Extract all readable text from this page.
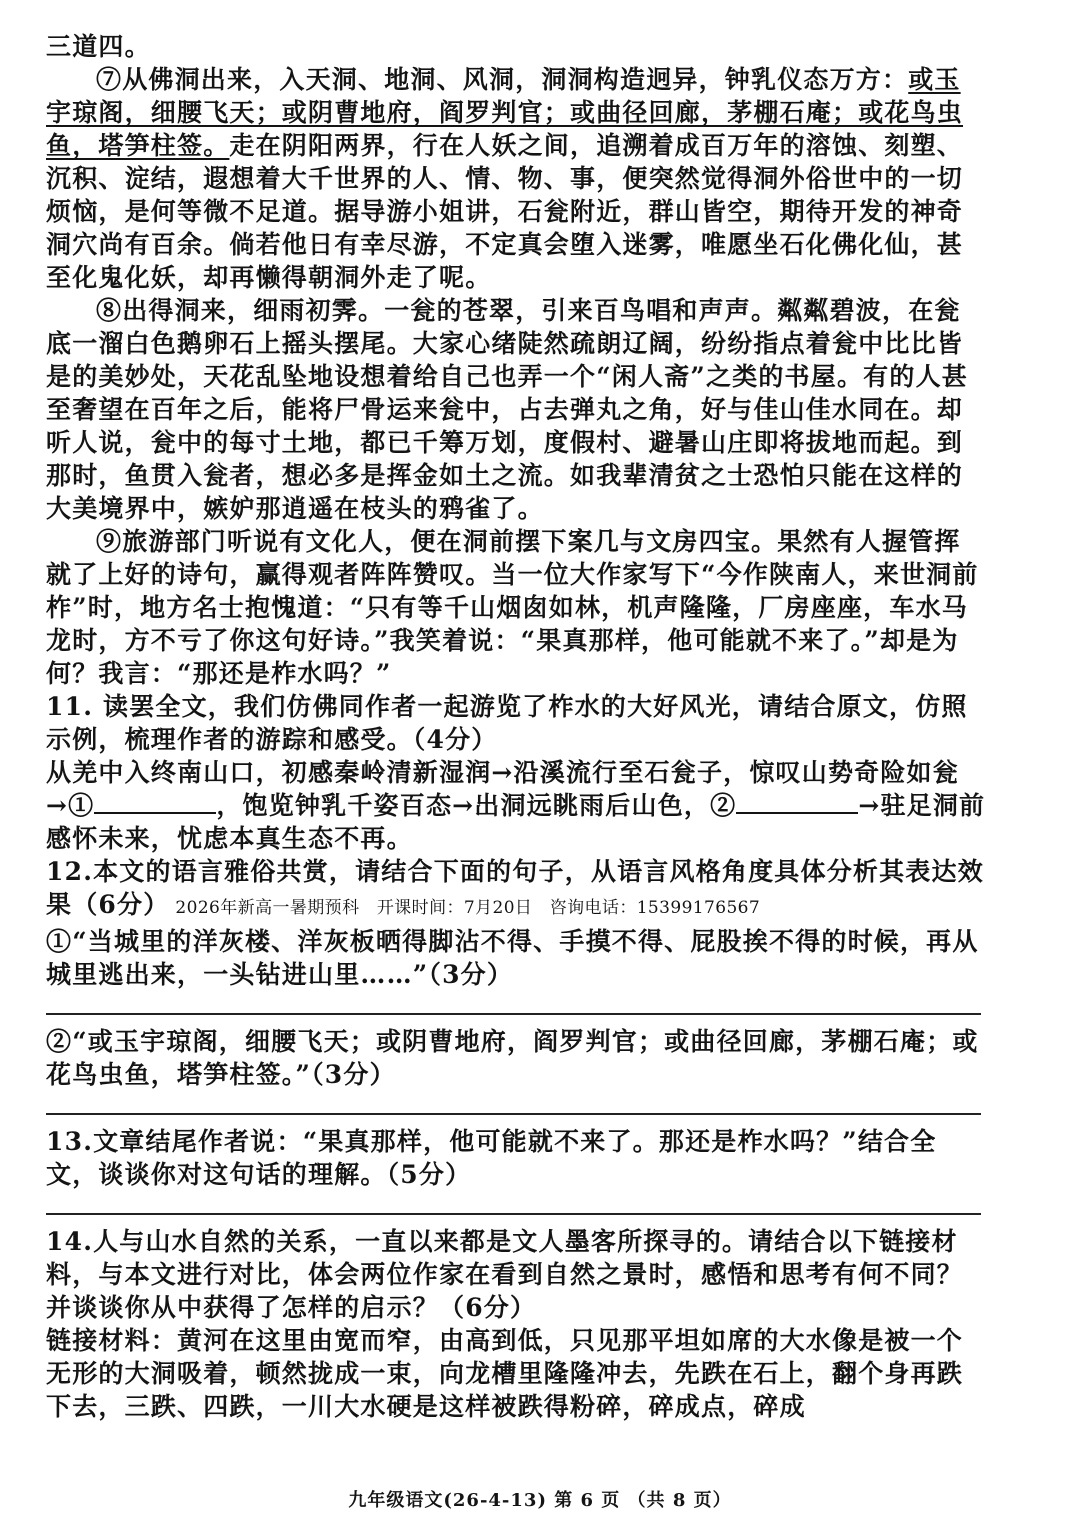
三道四。

⑦从佛洞出来，入天洞、地洞、风洞，洞洞构造迥异，钟乳仪态万方：或玉宇琼阁，细腰飞天；或阴曹地府，阎罗判官；或曲径回廊，茅棚石庵；或花鸟虫鱼，塔笋柱签。走在阴阳两界，行在人妖之间，追溯着成百万年的溶蚀、刻塑、沉积、淀结，遐想着大千世界的人、情、物、事，便突然觉得洞外俗世中的一切烦恼，是何等微不足道。据导游小姐讲，石瓮附近，群山皆空，期待开发的神奇洞穴尚有百余。倘若他日有幸尽游，不定真会堕入迷雾，唯愿坐石化佛化仙，甚至化鬼化妖，却再懒得朝洞外走了呢。

⑧出得洞来，细雨初霁。一瓮的苍翠，引来百鸟唱和声声。粼粼碧波，在瓮底一溜白色鹅卵石上摇头摆尾。大家心绪陡然疏朗辽阔，纷纷指点着瓮中比比皆是的美妙处，天花乱坠地设想着给自己也弄一个“闲人斋”之类的书屋。有的人甚至奢望在百年之后，能将尸骨运来瓮中，占去弹丸之角，好与佳山佳水同在。却听人说，瓮中的每寸土地，都已千筹万划，度假村、避暑山庄即将拔地而起。到那时，鱼贯入瓮者，想必多是挥金如土之流。如我辈清贫之士恐怕只能在这样的大美境界中，嫉妒那逍遥在枝头的鸦雀了。

⑨旅游部门听说有文化人，便在洞前摆下案几与文房四宝。果然有人握管挥就了上好的诗句，赢得观者阵阵赞叹。当一位大作家写下“今作陕南人，来世洞前柞”时，地方名士抱愧道：“只有等千山烟囱如林，机声隆隆，厂房座座，车水马龙时，方不亏了你这句好诗。”我笑着说：“果真那样，他可能就不来了。”却是为何？我言：“那还是柞水吗？”

11. 读罢全文，我们仿佛同作者一起游览了柞水的大好风光，请结合原文，仿照示例，梳理作者的游踪和感受。（4分）

从羌中入终南山口，初感秦岭清新湿润→沿溪流行至石瓮子，惊叹山势奇险如瓮→①	，饱览钟乳千姿百态→出洞远眺雨后山色，②	→驻足洞前感怀未来，忧虑本真生态不再。

12.本文的语言雅俗共赏，请结合下面的句子，从语言风格角度具体分析其表达效果（6分） 2026年新高一暑期预科　开课时间：7月20日　咨询电话：15399176567

①“当城里的洋灰楼、洋灰板晒得脚沾不得、手摸不得、屁股挨不得的时候，再从城里逃出来，一头钻进山里……”（3分）

②“或玉宇琼阁，细腰飞天；或阴曹地府，阎罗判官；或曲径回廊，茅棚石庵；或花鸟虫鱼，塔笋柱签。”（3分）

13.文章结尾作者说：“果真那样，他可能就不来了。那还是柞水吗？”结合全文，谈谈你对这句话的理解。（5分）

14.人与山水自然的关系，一直以来都是文人墨客所探寻的。请结合以下链接材料，与本文进行对比，体会两位作家在看到自然之景时，感悟和思考有何不同？并谈谈你从中获得了怎样的启示？（6分）

链接材料：黄河在这里由宽而窄，由高到低，只见那平坦如席的大水像是被一个无形的大洞吸着，顿然拢成一束，向龙槽里隆隆冲去，先跌在石上，翻个身再跌下去，三跌、四跌，一川大水硬是这样被跌得粉碎，碎成点，碎成

九年级语文(26-4-13) 第 6 页 （共 8 页）
